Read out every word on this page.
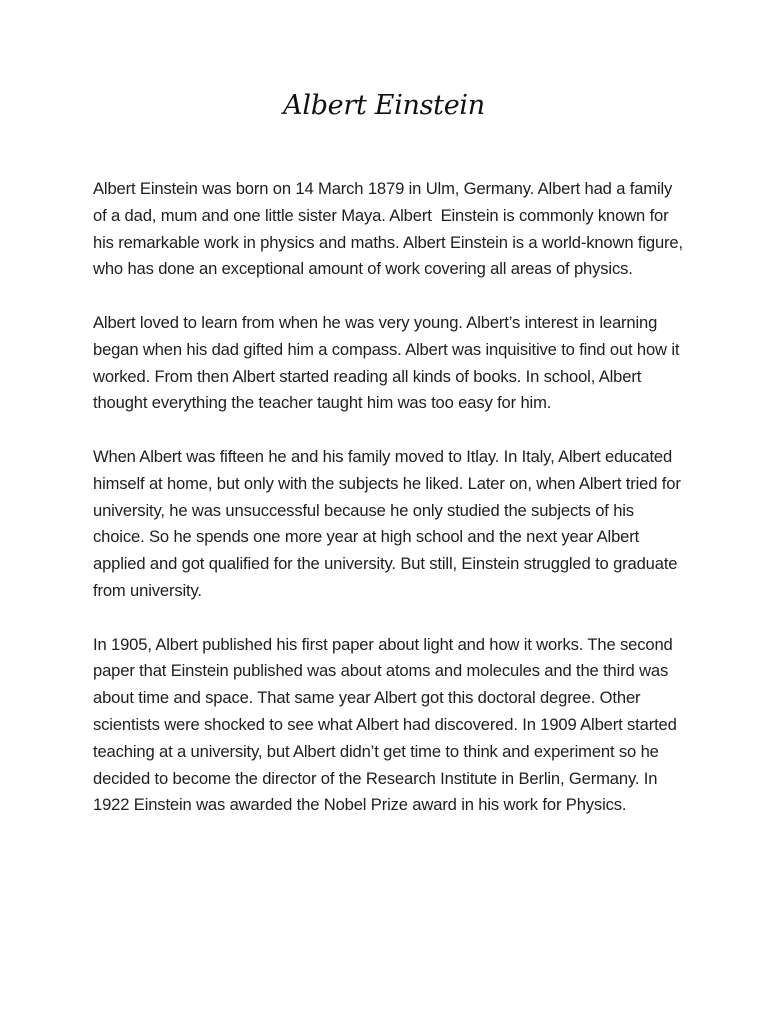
Albert Einstein

Albert Einstein was born on 14 March 1879 in Ulm, Germany. Albert had a family of a dad, mum and one little sister Maya. Albert  Einstein is commonly known for his remarkable work in physics and maths. Albert Einstein is a world-known figure, who has done an exceptional amount of work covering all areas of physics.

Albert loved to learn from when he was very young. Albert’s interest in learning began when his dad gifted him a compass. Albert was inquisitive to find out how it worked. From then Albert started reading all kinds of books. In school, Albert thought everything the teacher taught him was too easy for him.

When Albert was fifteen he and his family moved to Itlay. In Italy, Albert educated himself at home, but only with the subjects he liked. Later on, when Albert tried for university, he was unsuccessful because he only studied the subjects of his choice. So he spends one more year at high school and the next year Albert applied and got qualified for the university. But still, Einstein struggled to graduate from university.

In 1905, Albert published his first paper about light and how it works. The second paper that Einstein published was about atoms and molecules and the third was about time and space. That same year Albert got this doctoral degree. Other scientists were shocked to see what Albert had discovered. In 1909 Albert started teaching at a university, but Albert didn’t get time to think and experiment so he decided to become the director of the Research Institute in Berlin, Germany. In 1922 Einstein was awarded the Nobel Prize award in his work for Physics.
